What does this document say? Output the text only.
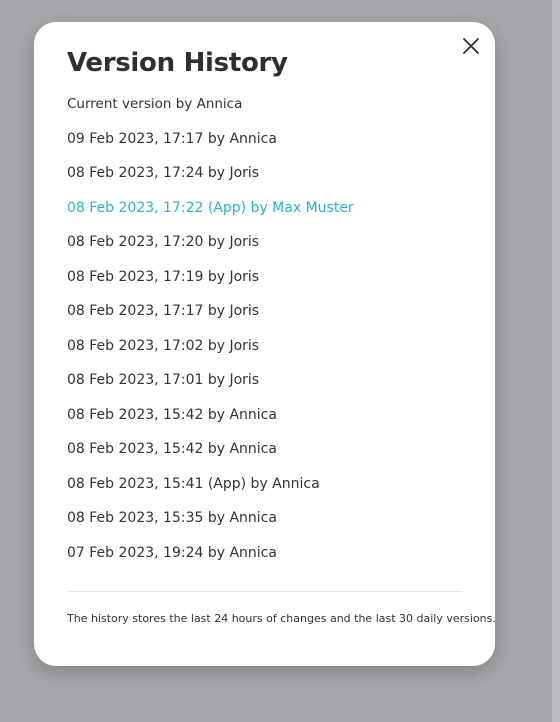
Version History
Current version by Annica
09 Feb 2023, 17:17 by Annica
08 Feb 2023, 17:24 by Joris
08 Feb 2023, 17:22 (App) by Max Muster
08 Feb 2023, 17:20 by Joris
08 Feb 2023, 17:19 by Joris
08 Feb 2023, 17:17 by Joris
08 Feb 2023, 17:02 by Joris
08 Feb 2023, 17:01 by Joris
08 Feb 2023, 15:42 by Annica
08 Feb 2023, 15:42 by Annica
08 Feb 2023, 15:41 (App) by Annica
08 Feb 2023, 15:35 by Annica
07 Feb 2023, 19:24 by Annica

The history stores the last 24 hours of changes and the last 30 daily versions.
